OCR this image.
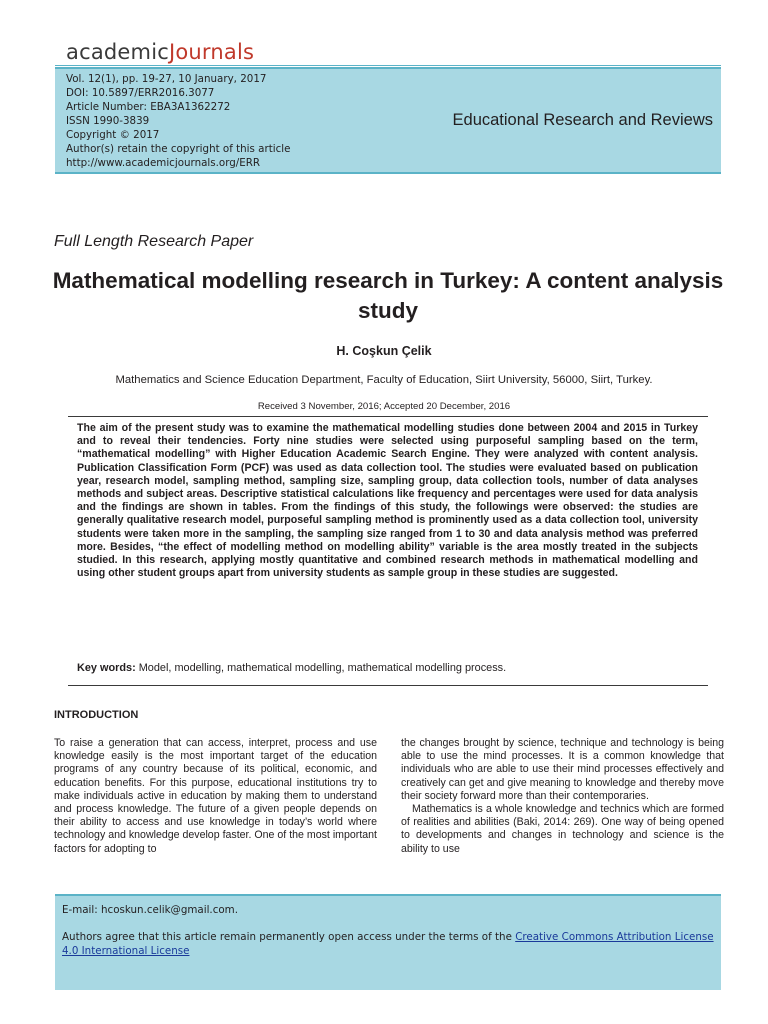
academicJournals
Vol. 12(1), pp. 19-27, 10 January, 2017
DOI: 10.5897/ERR2016.3077
Article Number: EBA3A1362272
ISSN 1990-3839
Copyright © 2017
Author(s) retain the copyright of this article
http://www.academicjournals.org/ERR
Educational Research and Reviews
Full Length Research Paper
Mathematical modelling research in Turkey: A content analysis study
H. Coşkun Çelik
Mathematics and Science Education Department, Faculty of Education, Siirt University, 56000, Siirt, Turkey.
Received 3 November, 2016; Accepted 20 December, 2016
The aim of the present study was to examine the mathematical modelling studies done between 2004 and 2015 in Turkey and to reveal their tendencies. Forty nine studies were selected using purposeful sampling based on the term, “mathematical modelling” with Higher Education Academic Search Engine. They were analyzed with content analysis. Publication Classification Form (PCF) was used as data collection tool. The studies were evaluated based on publication year, research model, sampling method, sampling size, sampling group, data collection tools, number of data analyses methods and subject areas. Descriptive statistical calculations like frequency and percentages were used for data analysis and the findings are shown in tables. From the findings of this study, the followings were observed: the studies are generally qualitative research model, purposeful sampling method is prominently used as a data collection tool, university students were taken more in the sampling, the sampling size ranged from 1 to 30 and data analysis method was preferred more. Besides, “the effect of modelling method on modelling ability” variable is the area mostly treated in the subjects studied. In this research, applying mostly quantitative and combined research methods in mathematical modelling and using other student groups apart from university students as sample group in these studies are suggested.
Key words: Model, modelling, mathematical modelling, mathematical modelling process.
INTRODUCTION

To raise a generation that can access, interpret, process and use knowledge easily is the most important target of the education programs of any country because of its political, economic, and education benefits. For this purpose, educational institutions try to make individuals active in education by making them to understand and process knowledge. The future of a given people depends on their ability to access and use knowledge in today’s world where technology and knowledge develop faster. One of the most important factors for adopting to

the changes brought by science, technique and technology is being able to use the mind processes. It is a common knowledge that individuals who are able to use their mind processes effectively and creatively can get and give meaning to knowledge and thereby move their society forward more than their contemporaries.

Mathematics is a whole knowledge and technics which are formed of realities and abilities (Baki, 2014: 269). One way of being opened to developments and changes in technology and science is the ability to use

E-mail: hcoskun.celik@gmail.com.
Authors agree that this article remain permanently open access under the terms of the Creative Commons Attribution License 4.0 International License
